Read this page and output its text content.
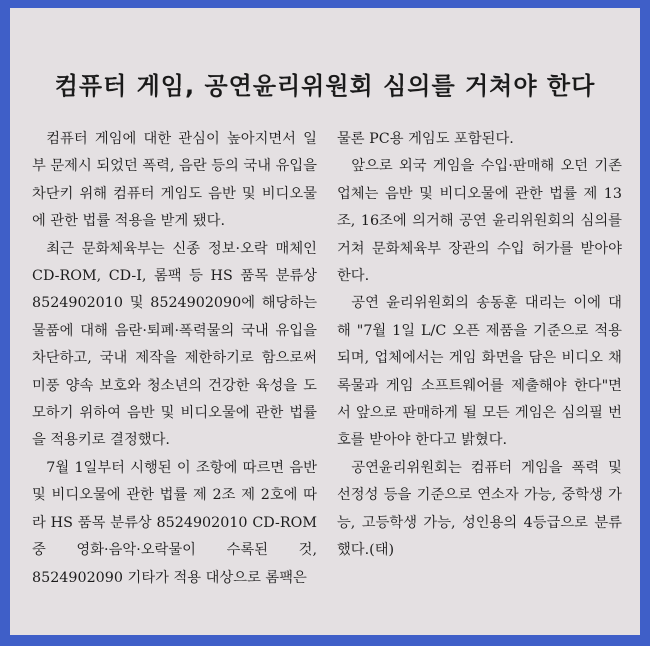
컴퓨터 게임, 공연윤리위원회 심의를 거쳐야 한다

컴퓨터 게임에 대한 관심이 높아지면서 일부 문제시 되었던 폭력, 음란 등의 국내 유입을 차단키 위해 컴퓨터 게임도 음반 및 비디오물에 관한 법률 적용을 받게 됐다.

최근 문화체육부는 신종 정보·오락 매체인 CD-ROM, CD-I, 롬팩 등 HS 품목 분류상 8524902010 및 8524902090에 해당하는 물품에 대해 음란·퇴폐·폭력물의 국내 유입을 차단하고, 국내 제작을 제한하기로 함으로써 미풍 양속 보호와 청소년의 건강한 육성을 도모하기 위하여 음반 및 비디오물에 관한 법률을 적용키로 결정했다.

7월 1일부터 시행된 이 조항에 따르면 음반 및 비디오물에 관한 법률 제 2조 제 2호에 따라 HS 품목 분류상 8524902010 CD-ROM 중 영화·음악·오락물이 수록된 것, 8524902090 기타가 적용 대상으로 롬팩은

물론 PC용 게임도 포함된다.

앞으로 외국 게임을 수입·판매해 오던 기존 업체는 음반 및 비디오물에 관한 법률 제 13조, 16조에 의거해 공연 윤리위원회의 심의를 거쳐 문화체육부 장관의 수입 허가를 받아야 한다.

공연 윤리위원회의 송동훈 대리는 이에 대해 "7월 1일 L/C 오픈 제품을 기준으로 적용되며, 업체에서는 게임 화면을 담은 비디오 채록물과 게임 소프트웨어를 제출해야 한다"면서 앞으로 판매하게 될 모든 게임은 심의필 번호를 받아야 한다고 밝혔다.

공연윤리위원회는 컴퓨터 게임을 폭력 및 선정성 등을 기준으로 연소자 가능, 중학생 가능, 고등학생 가능, 성인용의 4등급으로 분류했다.(태)
